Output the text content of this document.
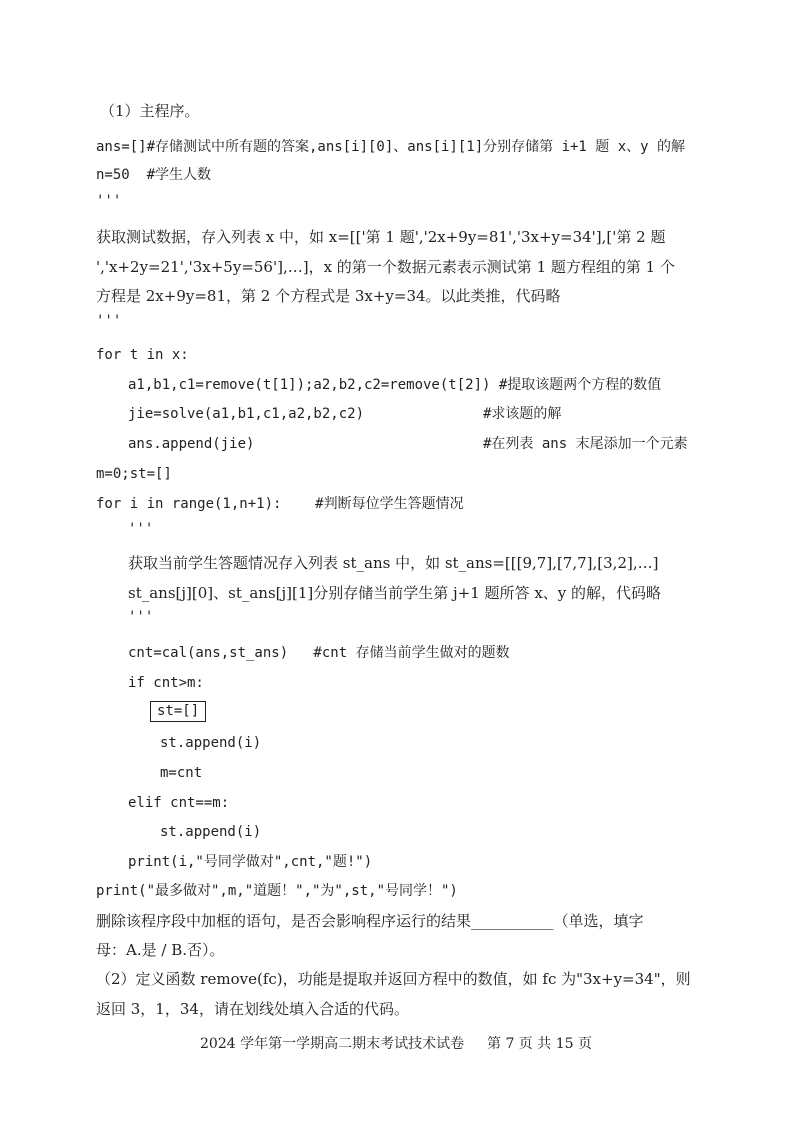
（1）主程序。
ans=[]#存储测试中所有题的答案,ans[i][0]、ans[i][1]分别存储第 i+1 题 x、y 的解
n=50  #学生人数
'''
获取测试数据，存入列表 x 中，如 x=[['第 1 题','2x+9y=81','3x+y=34'],['第 2 题
','x+2y=21','3x+5y=56'],…]，x 的第一个数据元素表示测试第 1 题方程组的第 1 个
方程是 2x+9y=81，第 2 个方程式是 3x+y=34。以此类推，代码略
'''
for t in x:
a1,b1,c1=remove(t[1]);a2,b2,c2=remove(t[2]) #提取该题两个方程的数值
jie=solve(a1,b1,c1,a2,b2,c2)	#求该题的解
ans.append(jie)	#在列表 ans 末尾添加一个元素
m=0;st=[]
for i in range(1,n+1):    #判断每位学生答题情况
'''
获取当前学生答题情况存入列表 st_ans 中，如 st_ans=[[[9,7],[7,7],[3,2],…]
st_ans[j][0]、st_ans[j][1]分别存储当前学生第 j+1 题所答 x、y 的解，代码略
'''
cnt=cal(ans,st_ans)   #cnt 存储当前学生做对的题数
if cnt>m:
st=[]
st.append(i)
m=cnt
elif cnt==m:
st.append(i)
print(i,"号同学做对",cnt,"题!")
print("最多做对",m,"道题！","为",st,"号同学！")
删除该程序段中加框的语句，是否会影响程序运行的结果___________（单选，填字
母：A.是 / B.否）。
（2）定义函数 remove(fc)，功能是提取并返回方程中的数值，如 fc 为"3x+y=34"，则
返回 3，1，34，请在划线处填入合适的代码。
2024 学年第一学期高二期末考试技术试卷 第 7 页 共 15 页
